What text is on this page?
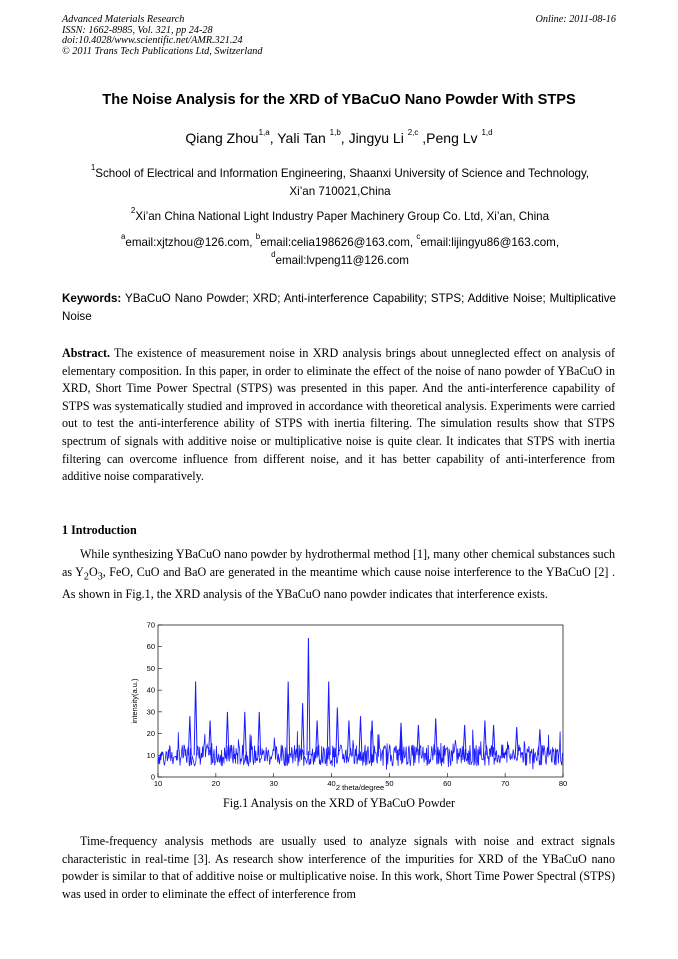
Advanced Materials Research
ISSN: 1662-8985, Vol. 321, pp 24-28
doi:10.4028/www.scientific.net/AMR.321.24
© 2011 Trans Tech Publications Ltd, Switzerland
Online: 2011-08-16
The Noise Analysis for the XRD of YBaCuO Nano Powder With STPS
Qiang Zhou$^{1,a}$, Yali Tan $^{1,b}$, Jingyu Li $^{2,c}$ ,Peng Lv $^{1,d}$
$^1$School of Electrical and Information Engineering, Shaanxi University of Science and Technology,
Xi’an 710021,China
$^2$Xi’an China National Light Industry Paper Machinery Group Co. Ltd, Xi’an, China
$^a$email:xjtzhou@126.com, $^b$email:celia198626@163.com, $^c$email:lijingyu86@163.com,
$^d$email:lvpeng11@126.com
Keywords: YBaCuO Nano Powder; XRD; Anti-interference Capability; STPS; Additive Noise; Multiplicative Noise
Abstract. The existence of measurement noise in XRD analysis brings about unneglected effect on analysis of elementary composition. In this paper, in order to eliminate the effect of the noise of nano powder of YBaCuO in XRD, Short Time Power Spectral (STPS) was presented in this paper. And the anti-interference capability of STPS was systematically studied and improved in accordance with theoretical analysis. Experiments were carried out to test the anti-interference ability of STPS with inertia filtering. The simulation results show that STPS spectrum of signals with additive noise or multiplicative noise is quite clear. It indicates that STPS with inertia filtering can overcome influence from different noise, and it has better capability of anti-interference from additive noise comparatively.
1 Introduction
While synthesizing YBaCuO nano powder by hydrothermal method [1], many other chemical substances such as $Y_2O_3$, FeO, CuO and BaO are generated in the meantime which cause noise interference to the YBaCuO [2] . As shown in Fig.1, the XRD analysis of the YBaCuO nano powder indicates that interference exists.
10	20	30	40	50	60	70	80
0
10
20
30
40
50
60
70
2 theta/degree
intensity(a.u.)
Fig.1 Analysis on the XRD of YBaCuO Powder
Time-frequency analysis methods are usually used to analyze signals with noise and extract signals characteristic in real-time [3]. As research show interference of the impurities for XRD of the YBaCuO nano powder is similar to that of additive noise or multiplicative noise. In this work, Short Time Power Spectral (STPS) was used in order to eliminate the effect of interference from
